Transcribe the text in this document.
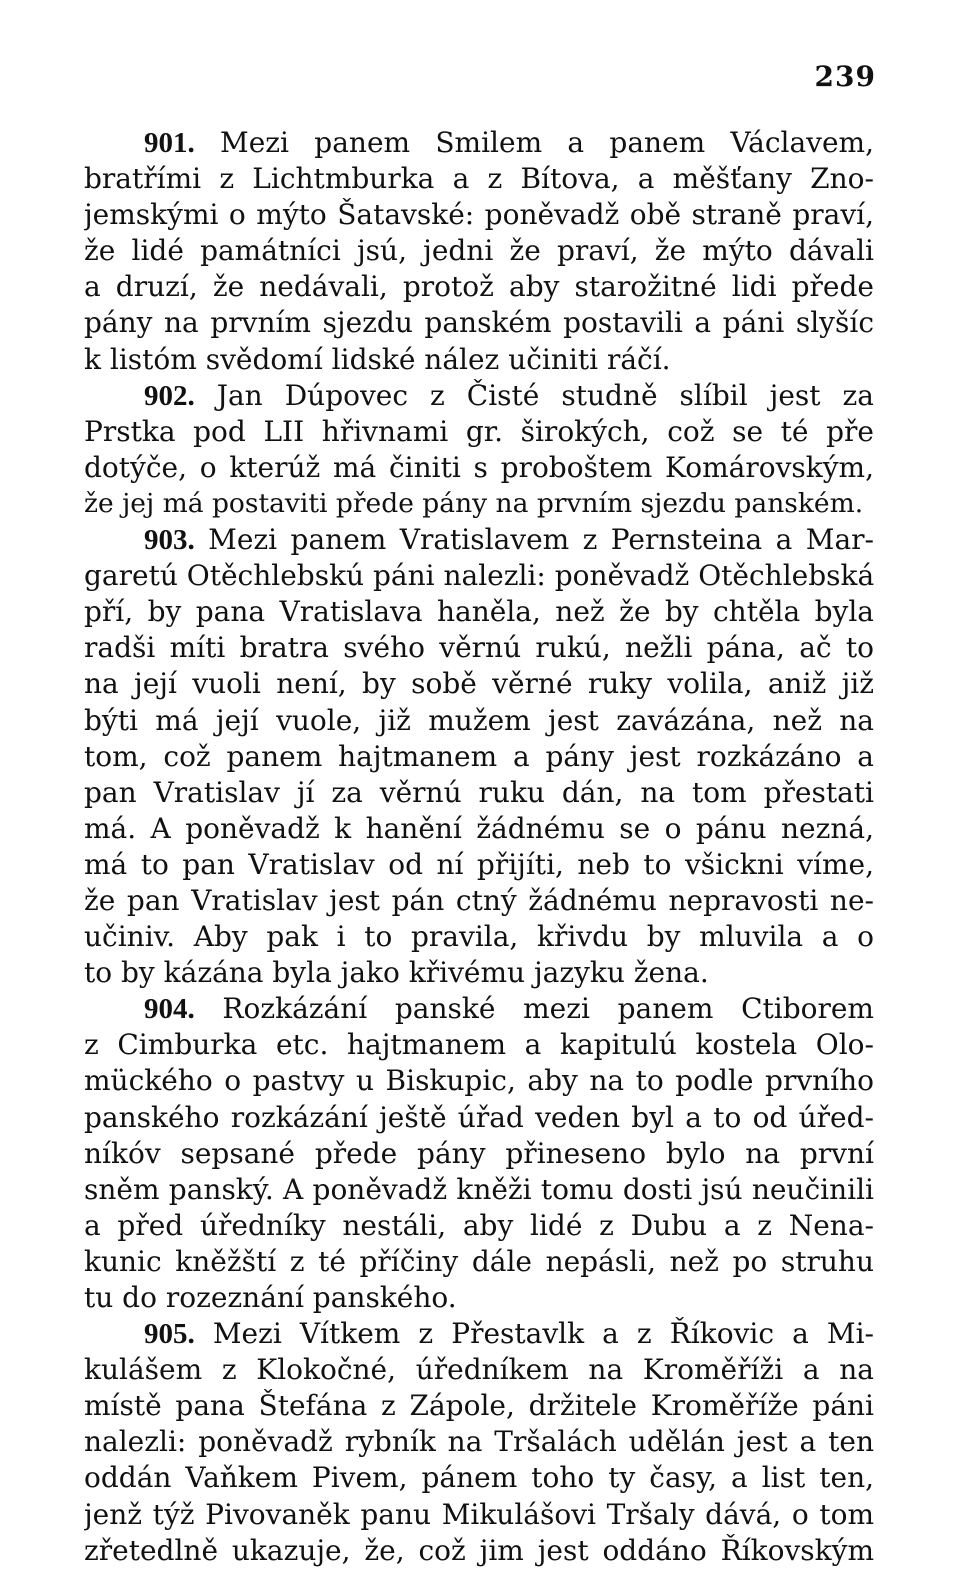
239
901. Mezi panem Smilem a panem Václavem,
bratřími z Lichtmburka a z Bítova, a měšťany Zno-
jemskými o mýto Šatavské: poněvadž obě straně praví,
že lidé památníci jsú, jedni že praví, že mýto dávali
a druzí, že nedávali, protož aby starožitné lidi přede
pány na prvním sjezdu panském postavili a páni slyšíc
k listóm svědomí lidské nález učiniti ráčí.
902. Jan Dúpovec z Čisté studně slíbil jest za
Prstka pod LII hřivnami gr. širokých, což se té pře
dotýče, o kterúž má činiti s proboštem Komárovským,
že jej má postaviti přede pány na prvním sjezdu panském.
903. Mezi panem Vratislavem z Pernsteina a Mar-
garetú Otěchlebskú páni nalezli: poněvadž Otěchlebská
pří, by pana Vratislava haněla, než že by chtěla byla
radši míti bratra svého věrnú rukú, nežli pána, ač to
na její vuoli není, by sobě věrné ruky volila, aniž již
býti má její vuole, již mužem jest zavázána, než na
tom, což panem hajtmanem a pány jest rozkázáno a
pan Vratislav jí za věrnú ruku dán, na tom přestati
má. A poněvadž k hanění žádnému se o pánu nezná,
má to pan Vratislav od ní přijíti, neb to všickni víme,
že pan Vratislav jest pán ctný žádnému nepravosti ne-
učiniv. Aby pak i to pravila, křivdu by mluvila a o
to by kázána byla jako křivému jazyku žena.
904. Rozkázání panské mezi panem Ctiborem
z Cimburka etc. hajtmanem a kapitulú kostela Olo-
mückého o pastvy u Biskupic, aby na to podle prvního
panského rozkázání ještě úřad veden byl a to od úřed-
níkóv sepsané přede pány přineseno bylo na první
sněm panský. A poněvadž kněži tomu dosti jsú neučinili
a před úředníky nestáli, aby lidé z Dubu a z Nena-
kunic kněžští z té příčiny dále nepásli, než po struhu
tu do rozeznání panského.
905. Mezi Vítkem z Přestavlk a z Říkovic a Mi-
kulášem z Klokočné, úředníkem na Kroměříži a na
místě pana Štefána z Zápole, držitele Kroměříže páni
nalezli: poněvadž rybník na Tršalách udělán jest a ten
oddán Vaňkem Pivem, pánem toho ty časy, a list ten,
jenž týž Pivovaněk panu Mikulášovi Tršaly dává, o tom
zřetedlně ukazuje, že, což jim jest oddáno Říkovským
